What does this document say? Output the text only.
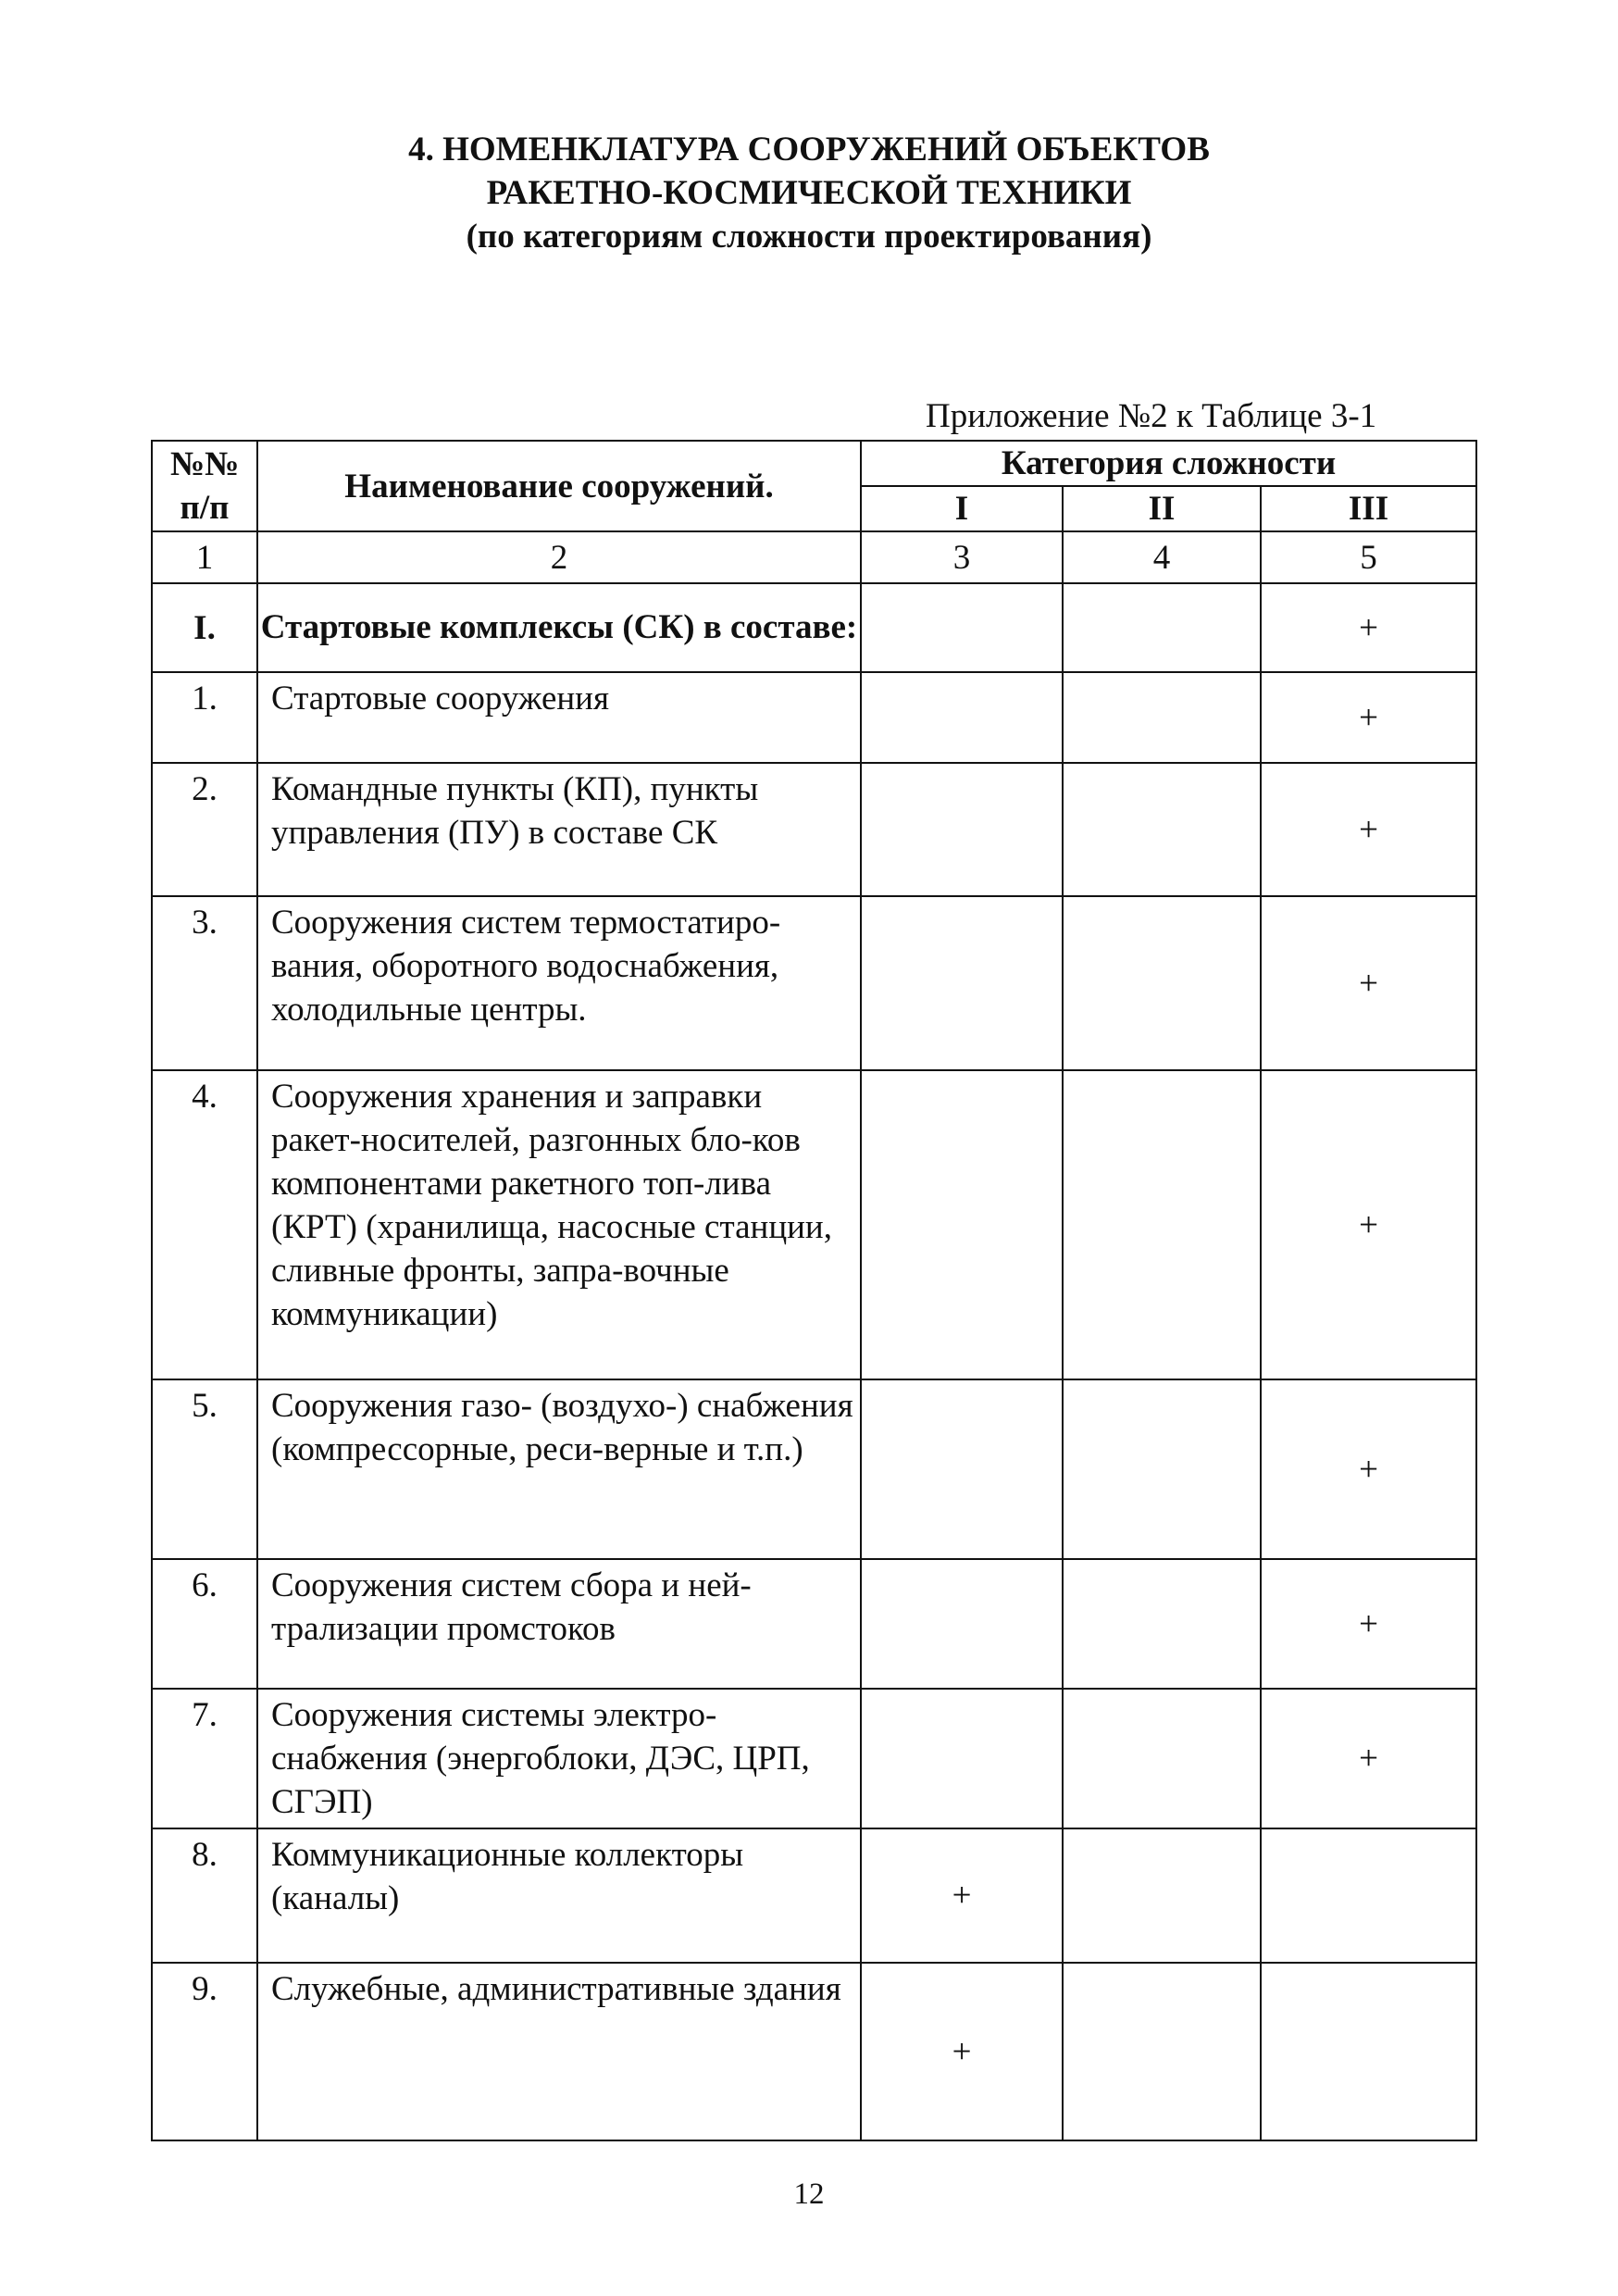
4. НОМЕНКЛАТУРА СООРУЖЕНИЙ ОБЪЕКТОВ
РАКЕТНО-КОСМИЧЕСКОЙ ТЕХНИКИ
(по категориям сложности проектирования)
Приложение №2 к Таблице 3-1
№№
п/п	Наименование сооружений.	Категория сложности		
		I	II	III
1	2	3	4	5
I.	Стартовые комплексы (СК) в составе:			+
1.	Стартовые сооружения			+
2.	Командные пункты (КП), пункты управления (ПУ) в составе СК			+
3.	Сооружения систем термостатиро-вания, оборотного водоснабжения, холодильные центры.			+
4.	Сооружения хранения и заправки ракет-носителей, разгонных бло-ков компонентами ракетного топ-лива (КРТ) (хранилища, насосные станции, сливные фронты, запра-вочные коммуникации)			+
5.	Сооружения газо- (воздухо-) снабжения (компрессорные, реси-верные и т.п.)			+
6.	Сооружения систем сбора и ней-трализации промстоков			+
7.	Сооружения системы электро-снабжения (энергоблоки, ДЭС, ЦРП, СГЭП)			+
8.	Коммуникационные коллекторы (каналы)	+		
9.	Служебные, административные здания	+		
12
